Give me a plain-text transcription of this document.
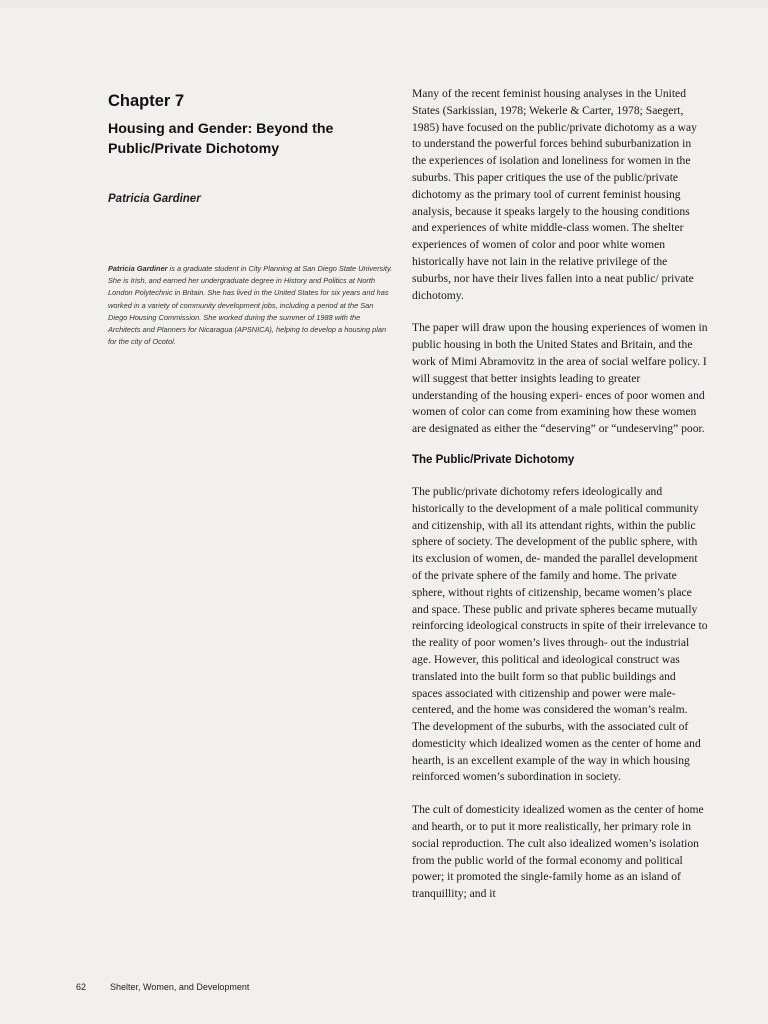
Chapter 7
Housing and Gender: Beyond the Public/Private Dichotomy
Patricia Gardiner
Patricia Gardiner is a graduate student in City Planning at San Diego State University. She is Irish, and earned her undergraduate degree in History and Politics at North London Polytechnic in Britain. She has lived in the United States for six years and has worked in a variety of community development jobs, including a period at the San Diego Housing Commission. She worked during the summer of 1988 with the Architects and Planners for Nicaragua (APSNICA), helping to develop a housing plan for the city of Ocotol.

Many of the recent feminist housing analyses in the United States (Sarkissian, 1978; Wekerle & Carter, 1978; Saegert, 1985) have focused on the public/private dichotomy as a way to understand the powerful forces behind suburbanization in the experiences of isolation and loneliness for women in the suburbs. This paper critiques the use of the public/private dichotomy as the primary tool of current feminist housing analysis, because it speaks largely to the housing conditions and experiences of white middle-class women. The shelter experiences of women of color and poor white women historically have not lain in the relative privilege of the suburbs, nor have their lives fallen into a neat public/ private dichotomy.

The paper will draw upon the housing experiences of women in public housing in both the United States and Britain, and the work of Mimi Abramovitz in the area of social welfare policy. I will suggest that better insights leading to greater understanding of the housing experi- ences of poor women and women of color can come from examining how these women are designated as either the “deserving” or “undeserving” poor.

The Public/Private Dichotomy

The public/private dichotomy refers ideologically and historically to the development of a male political community and citizenship, with all its attendant rights, within the public sphere of society. The development of the public sphere, with its exclusion of women, de- manded the parallel development of the private sphere of the family and home. The private sphere, without rights of citizenship, became women’s place and space. These public and private spheres became mutually reinforcing ideological constructs in spite of their irrelevance to the reality of poor women’s lives through- out the industrial age. However, this political and ideological construct was translated into the built form so that public buildings and spaces associated with citizenship and power were male-centered, and the home was considered the woman’s realm. The development of the suburbs, with the associated cult of domesticity which idealized women as the center of home and hearth, is an excellent example of the way in which housing reinforced women’s subordination in society.

The cult of domesticity idealized women as the center of home and hearth, or to put it more realistically, her primary role in social reproduction. The cult also idealized women’s isolation from the public world of the formal economy and political power; it promoted the single-family home as an island of tranquillity; and it

62	Shelter, Women, and Development
